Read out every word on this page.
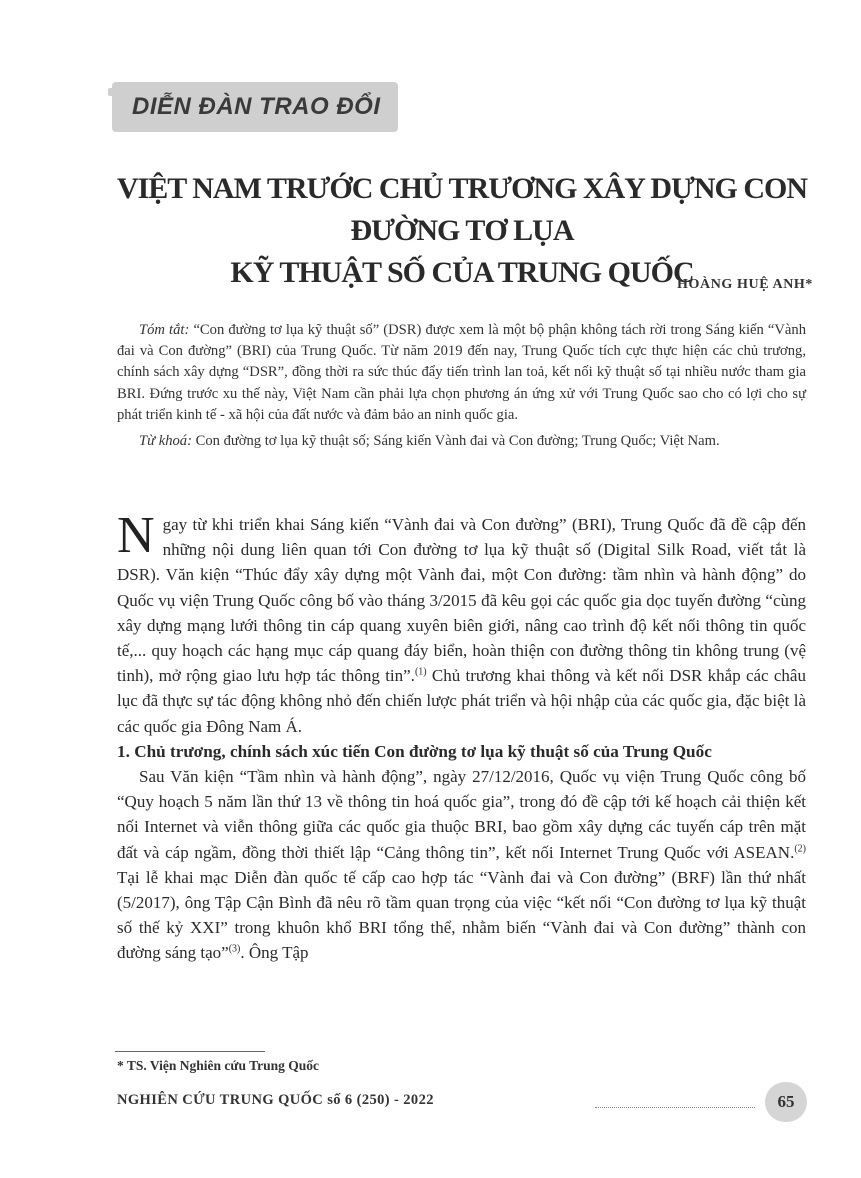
DIỄN ĐÀN TRAO ĐỔI
VIỆT NAM TRƯỚC CHỦ TRƯƠNG XÂY DỰNG CON ĐƯỜNG TƠ LỤA
KỸ THUẬT SỐ CỦA TRUNG QUỐC
HOÀNG HUỆ ANH*

Tóm tắt: “Con đường tơ lụa kỹ thuật số” (DSR) được xem là một bộ phận không tách rời trong Sáng kiến “Vành đai và Con đường” (BRI) của Trung Quốc. Từ năm 2019 đến nay, Trung Quốc tích cực thực hiện các chủ trương, chính sách xây dựng “DSR”, đồng thời ra sức thúc đẩy tiến trình lan toả, kết nối kỹ thuật số tại nhiều nước tham gia BRI. Đứng trước xu thế này, Việt Nam cần phải lựa chọn phương án ứng xử với Trung Quốc sao cho có lợi cho sự phát triển kinh tế - xã hội của đất nước và đảm bảo an ninh quốc gia.

Từ khoá: Con đường tơ lụa kỹ thuật số; Sáng kiến Vành đai và Con đường; Trung Quốc; Việt Nam.

Ngay từ khi triển khai Sáng kiến “Vành đai và Con đường” (BRI), Trung Quốc đã đề cập đến những nội dung liên quan tới Con đường tơ lụa kỹ thuật số (Digital Silk Road, viết tắt là DSR). Văn kiện “Thúc đẩy xây dựng một Vành đai, một Con đường: tầm nhìn và hành động” do Quốc vụ viện Trung Quốc công bố vào tháng 3/2015 đã kêu gọi các quốc gia dọc tuyến đường “cùng xây dựng mạng lưới thông tin cáp quang xuyên biên giới, nâng cao trình độ kết nối thông tin quốc tế,... quy hoạch các hạng mục cáp quang đáy biển, hoàn thiện con đường thông tin không trung (vệ tinh), mở rộng giao lưu hợp tác thông tin”.$^{(1)}$ Chủ trương khai thông và kết nối DSR khắp các châu lục đã thực sự tác động không nhỏ đến chiến lược phát triển và hội nhập của các quốc gia, đặc biệt là các quốc gia Đông Nam Á.

1. Chủ trương, chính sách xúc tiến Con đường tơ lụa kỹ thuật số của Trung Quốc

Sau Văn kiện “Tầm nhìn và hành động”, ngày 27/12/2016, Quốc vụ viện Trung Quốc công bố “Quy hoạch 5 năm lần thứ 13 về thông tin hoá quốc gia”, trong đó đề cập tới kế hoạch cải thiện kết nối Internet và viễn thông giữa các quốc gia thuộc BRI, bao gồm xây dựng các tuyến cáp trên mặt đất và cáp ngầm, đồng thời thiết lập “Cảng thông tin”, kết nối Internet Trung Quốc với ASEAN.$^{(2)}$ Tại lễ khai mạc Diễn đàn quốc tế cấp cao hợp tác “Vành đai và Con đường” (BRF) lần thứ nhất (5/2017), ông Tập Cận Bình đã nêu rõ tầm quan trọng của việc “kết nối “Con đường tơ lụa kỹ thuật số thế kỷ XXI” trong khuôn khổ BRI tổng thể, nhằm biến “Vành đai và Con đường” thành con đường sáng tạo”$^{(3)}$. Ông Tập

* TS. Viện Nghiên cứu Trung Quốc
NGHIÊN CỨU TRUNG QUỐC số 6 (250) - 2022	65
